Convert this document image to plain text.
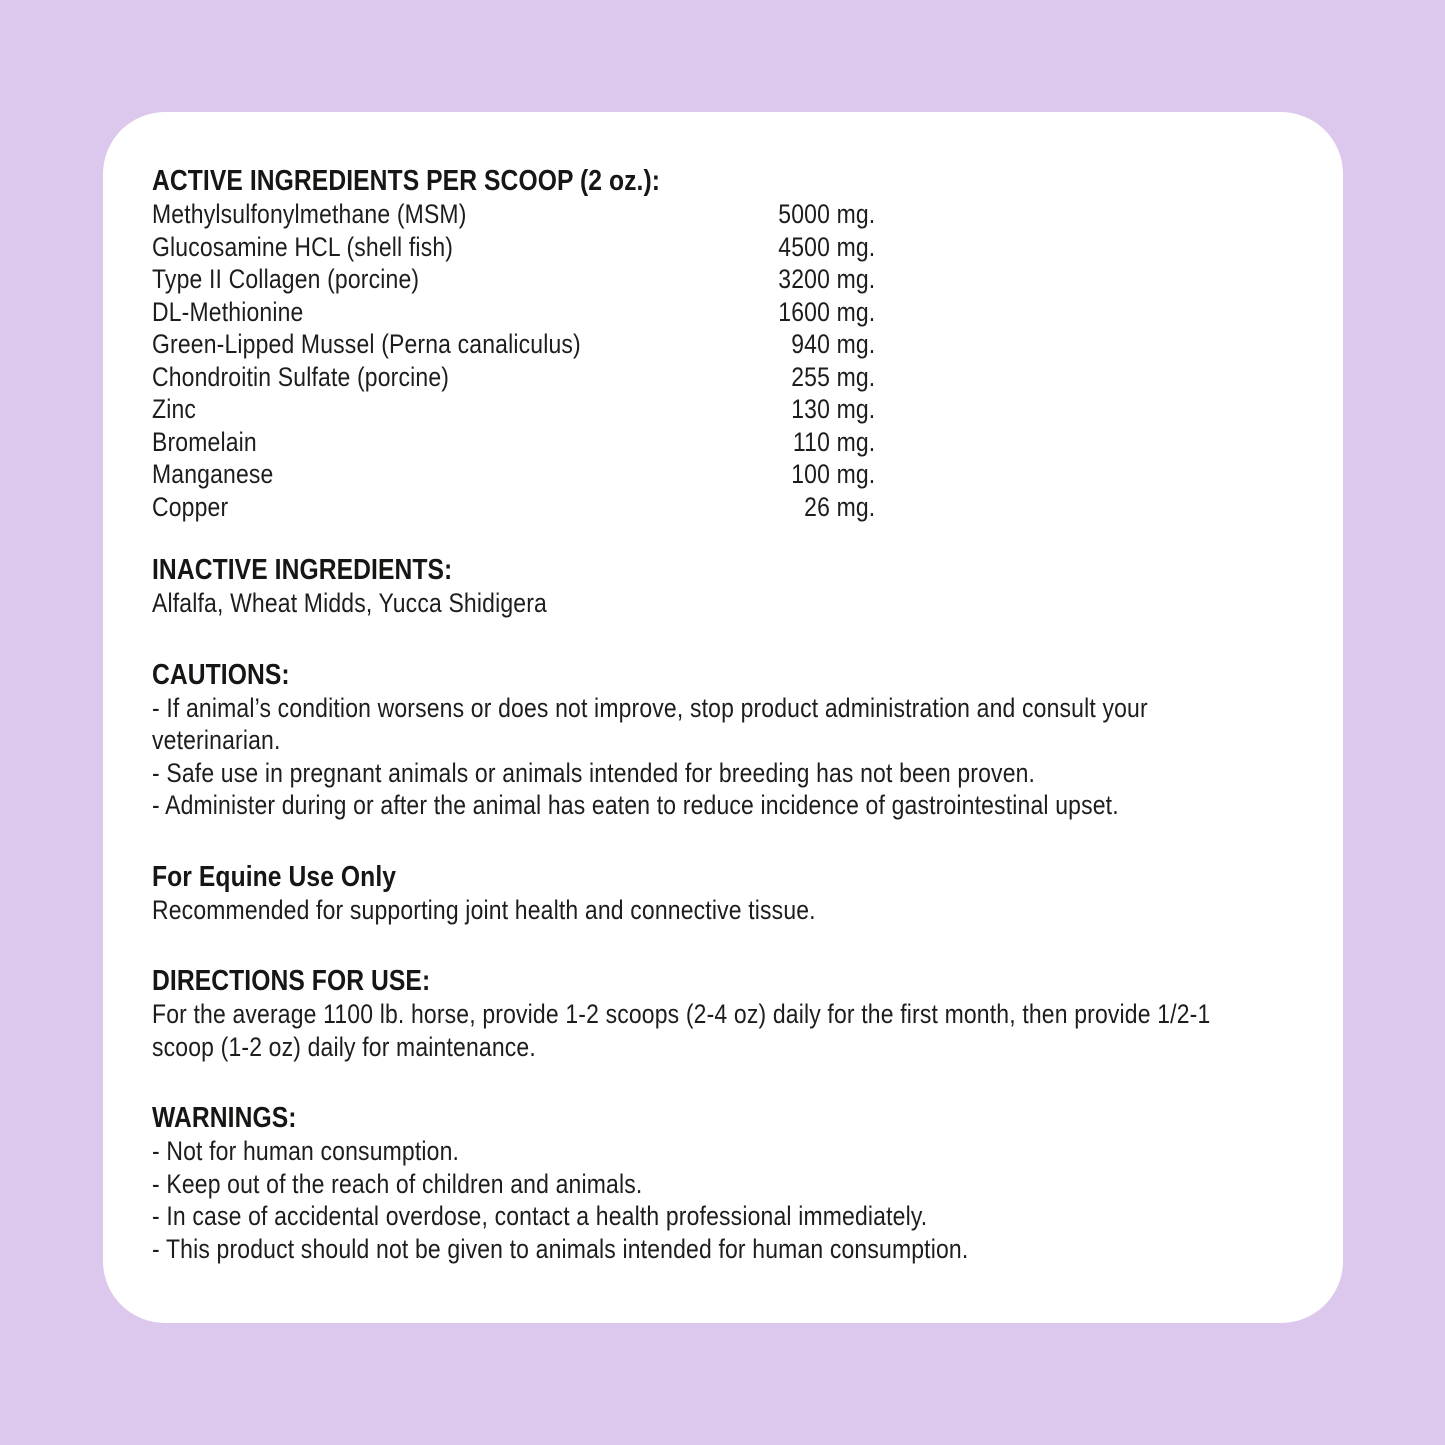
ACTIVE INGREDIENTS PER SCOOP (2 oz.):
Methylsulfonylmethane (MSM)	5000 mg.
Glucosamine HCL (shell fish)	4500 mg.
Type II Collagen (porcine)	3200 mg.
DL-Methionine	1600 mg.
Green-Lipped Mussel (Perna canaliculus)	940 mg.
Chondroitin Sulfate (porcine)	255 mg.
Zinc	130 mg.
Bromelain	110 mg.
Manganese	100 mg.
Copper	26 mg.
INACTIVE INGREDIENTS:
Alfalfa, Wheat Midds, Yucca Shidigera
CAUTIONS:
- If animal’s condition worsens or does not improve, stop product administration and consult your veterinarian.
- Safe use in pregnant animals or animals intended for breeding has not been proven.
- Administer during or after the animal has eaten to reduce incidence of gastrointestinal upset.
For Equine Use Only
Recommended for supporting joint health and connective tissue.
DIRECTIONS FOR USE:
For the average 1100 lb. horse, provide 1-2 scoops (2-4 oz) daily for the first month, then provide 1/2-1 scoop (1-2 oz) daily for maintenance.
WARNINGS:
- Not for human consumption.
- Keep out of the reach of children and animals.
- In case of accidental overdose, contact a health professional immediately.
- This product should not be given to animals intended for human consumption.
